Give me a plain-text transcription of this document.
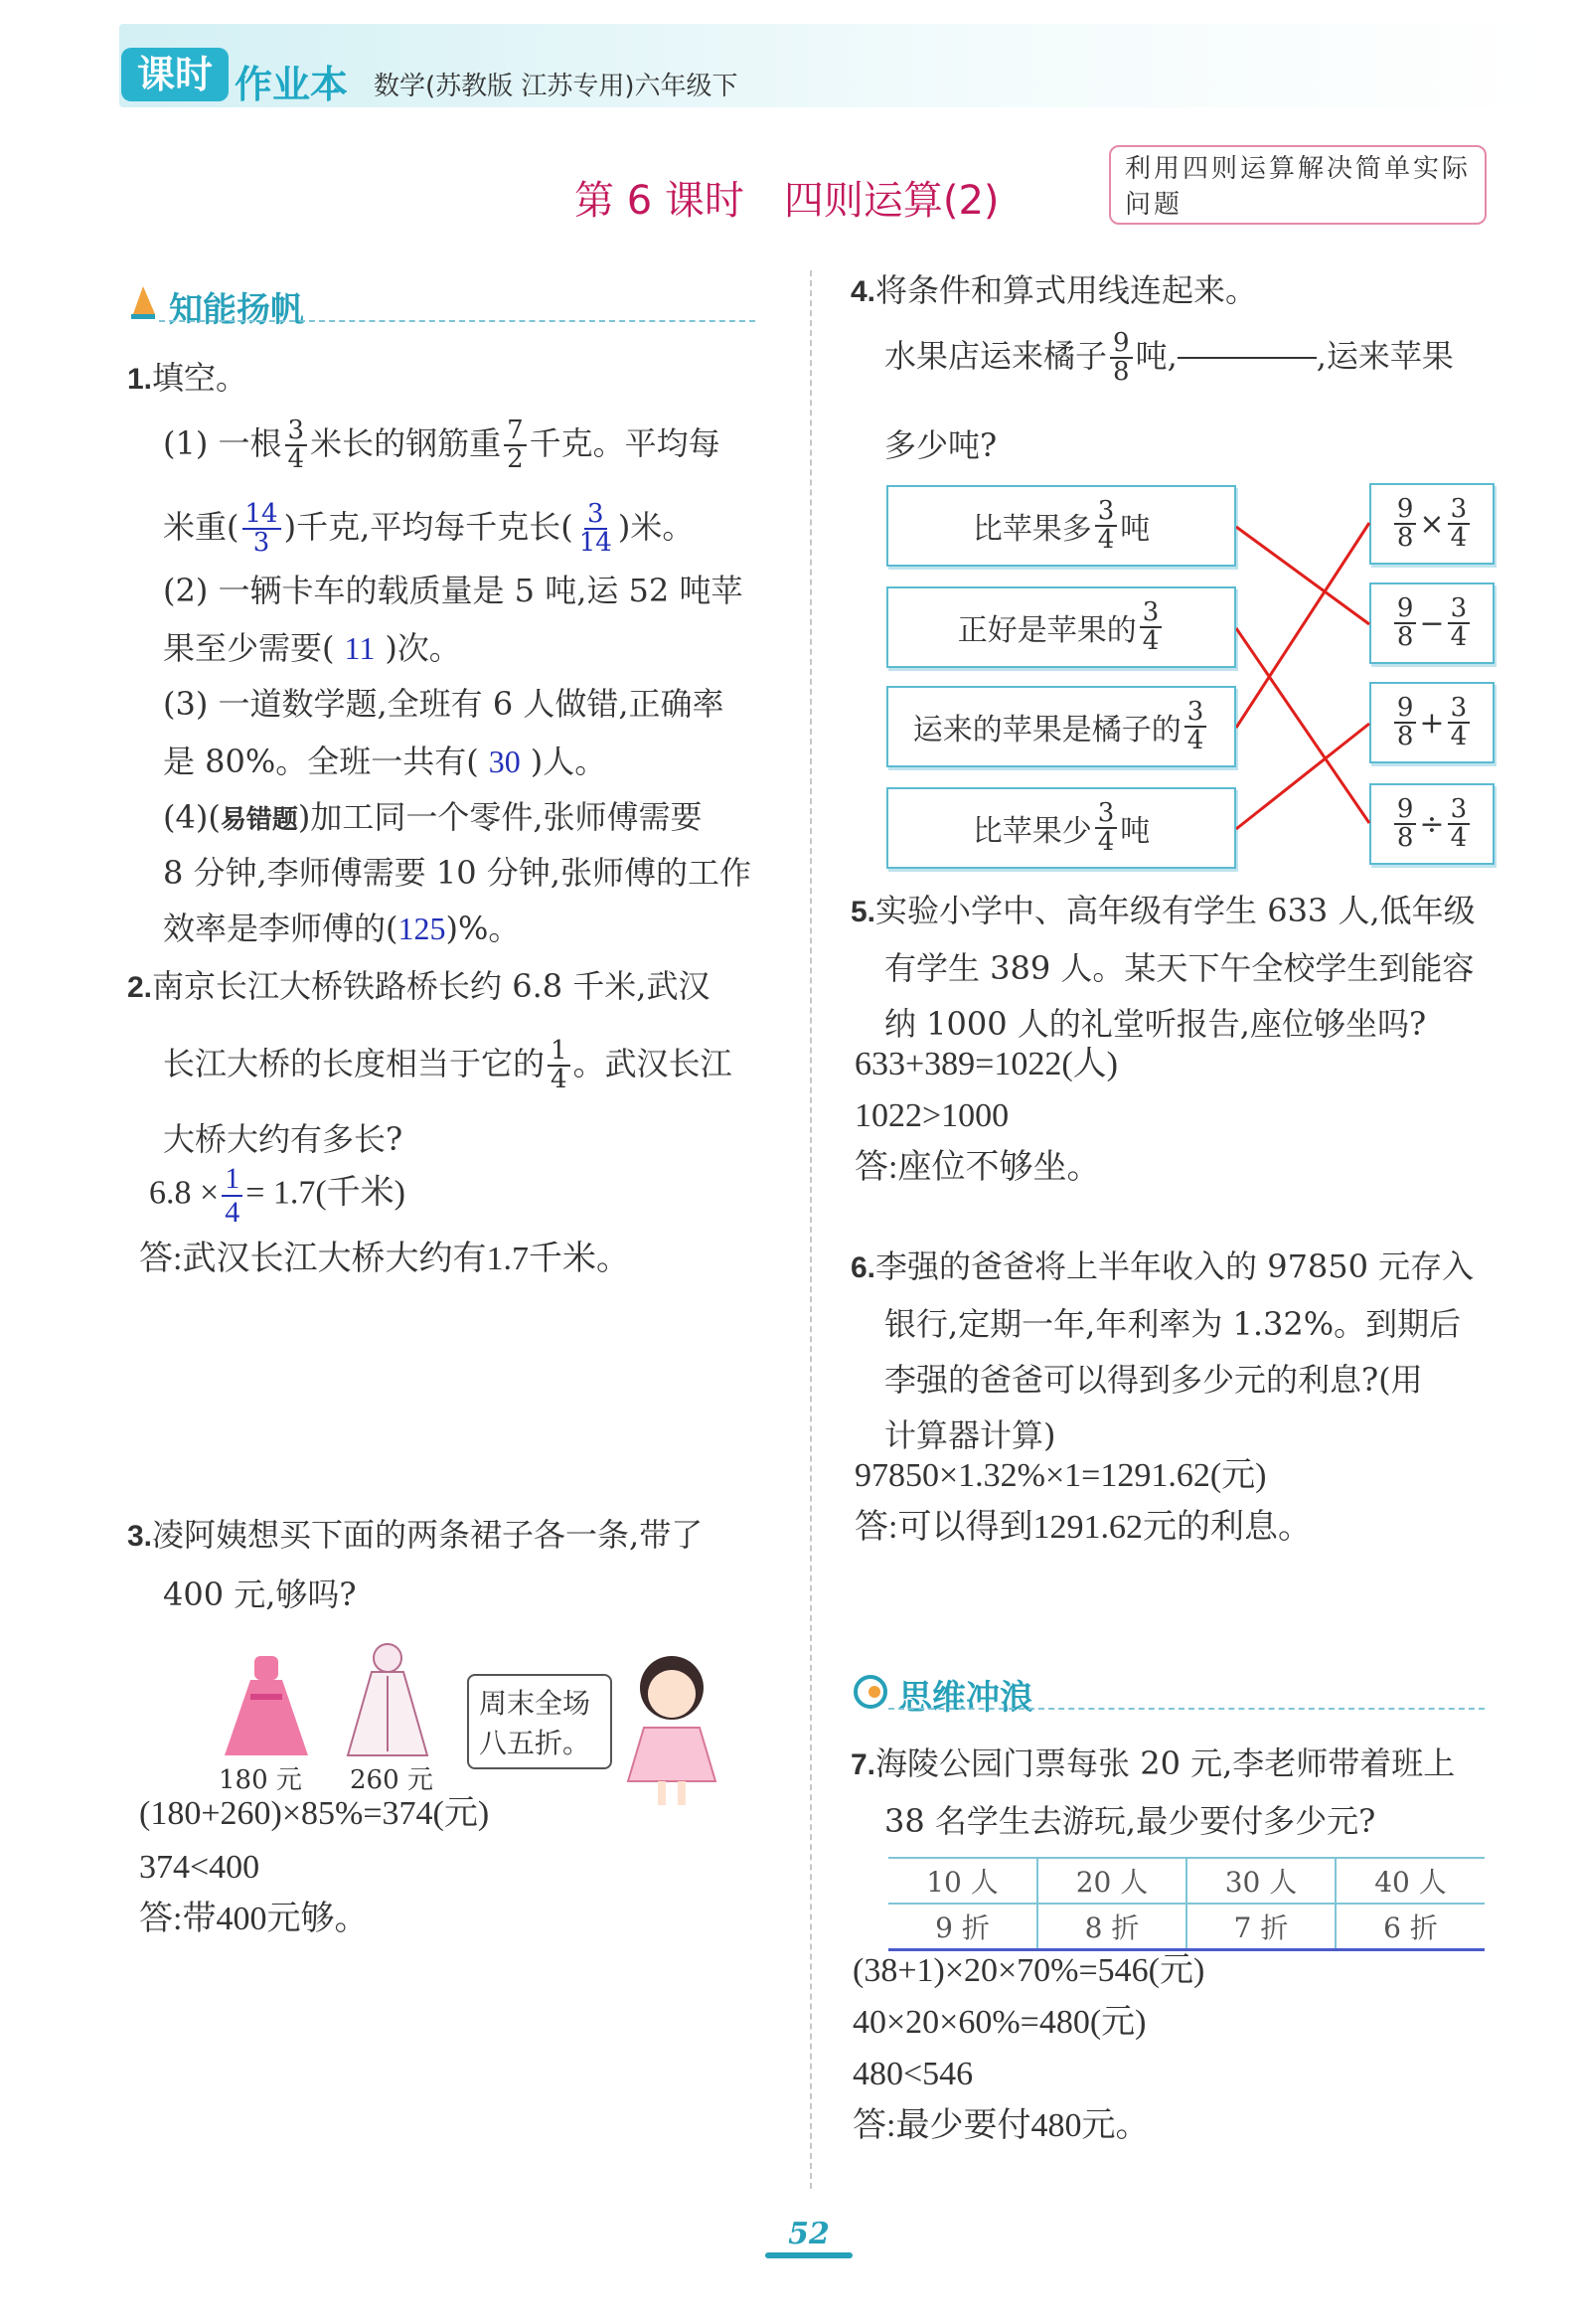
课时 作业本 数学(苏教版 江苏专用)六年级下
第 6 课时　四则运算(2)
利用四则运算解决简单实际问题
知能扬帆
1.填空。
(1) 一根 $\frac{3}{4}$ 米长的钢筋重 $\frac{7}{2}$ 千克。平均每
米重( $\frac{14}{3}$ )千克,平均每千克长( $\frac{3}{14}$ )米。
(2) 一辆卡车的载质量是 5 吨,运 52 吨苹
果至少需要( 11 )次。
(3) 一道数学题,全班有 6 人做错,正确率
是 80%。全班一共有( 30 )人。
(4)(易错题)加工同一个零件,张师傅需要
8 分钟,李师傅需要 10 分钟,张师傅的工作
效率是李师傅的(125)%。
2.南京长江大桥铁路桥长约 6.8 千米,武汉
长江大桥的长度相当于它的 $\frac{1}{4}$ 。武汉长江
大桥大约有多长?
$6.8 \times \frac{1}{4} = 1.7$(千米)
答:武汉长江大桥大约有1.7千米。
3.凌阿姨想买下面的两条裙子各一条,带了
400 元,够吗?
180 元 260 元
周末全场
八五折。
(180+260)×85%=374(元)
374<400
答:带400元够。
4.将条件和算式用线连起来。
水果店运来橘子 $\frac{9}{8}$ 吨,	,运来苹果
多少吨?
比苹果多 $\frac{3}{4}$ 吨
正好是苹果的 $\frac{3}{4}$
运来的苹果是橘子的 $\frac{3}{4}$
比苹果少 $\frac{3}{4}$ 吨
$\frac{9}{8} \times \frac{3}{4}$
$\frac{9}{8} - \frac{3}{4}$
$\frac{9}{8} + \frac{3}{4}$
$\frac{9}{8} \div \frac{3}{4}$
5.实验小学中、高年级有学生 633 人,低年级
有学生 389 人。某天下午全校学生到能容
纳 1000 人的礼堂听报告,座位够坐吗?
633+389=1022(人)
1022>1000
答:座位不够坐。
6.李强的爸爸将上半年收入的 97850 元存入
银行,定期一年,年利率为 1.32%。到期后
李强的爸爸可以得到多少元的利息?(用
计算器计算)
97850×1.32%×1=1291.62(元)
答:可以得到1291.62元的利息。
思维冲浪
7.海陵公园门票每张 20 元,李老师带着班上
38 名学生去游玩,最少要付多少元?
10 人	20 人	30 人	40 人
9 折	8 折	7 折	6 折
(38+1)×20×70%=546(元)
40×20×60%=480(元)
480<546
答:最少要付480元。
52
